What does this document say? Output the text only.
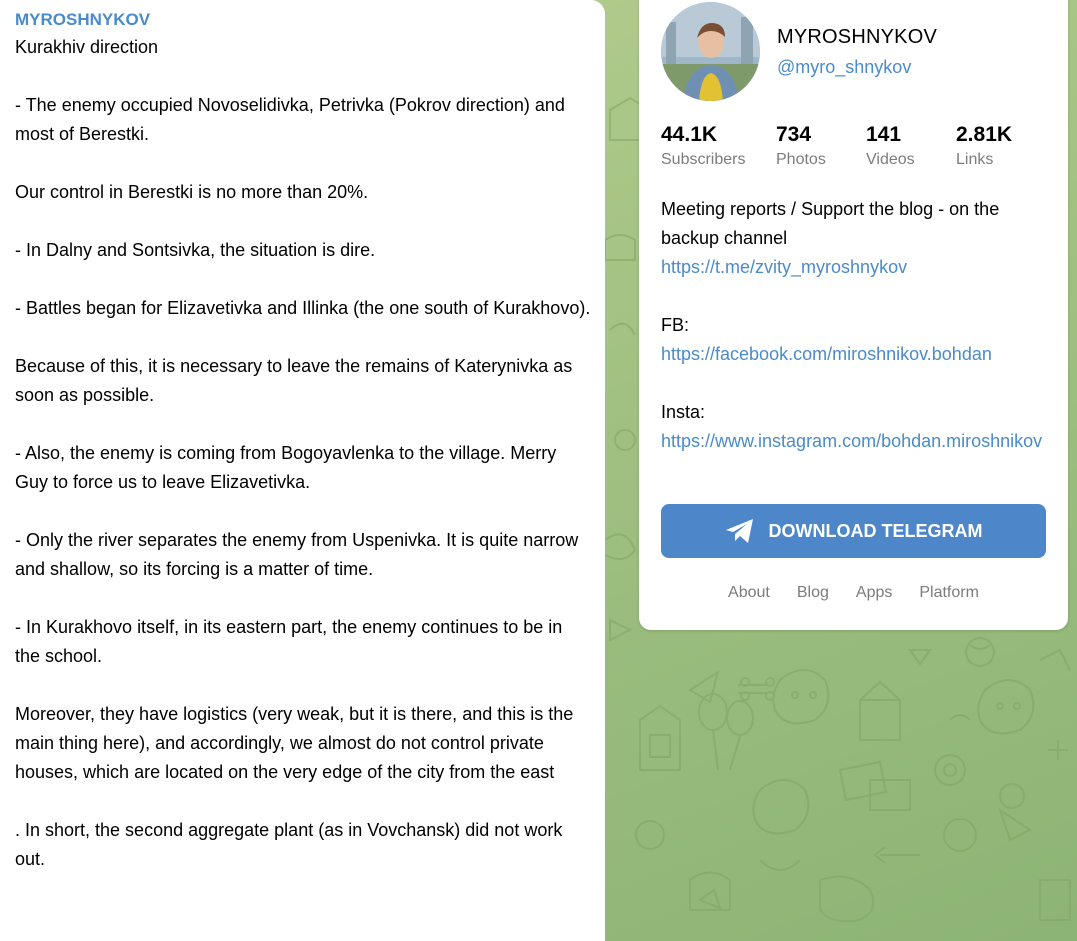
MYROSHNYKOV

Kurakhiv direction

- The enemy occupied Novoselidivka, Petrivka (Pokrov direction) and most of Berestki.

Our control in Berestki is no more than 20%.

- In Dalny and Sontsivka, the situation is dire.

- Battles began for Elizavetivka and Illinka (the one south of Kurakhovo).

Because of this, it is necessary to leave the remains of Katerynivka as soon as possible.

- Also, the enemy is coming from Bogoyavlenka to the village. Merry Guy to force us to leave Elizavetivka.

- Only the river separates the enemy from Uspenivka. It is quite narrow and shallow, so its forcing is a matter of time.

- In Kurakhovo itself, in its eastern part, the enemy continues to be in the school.

Moreover, they have logistics (very weak, but it is there, and this is the main thing here), and accordingly, we almost do not control private houses, which are located on the very edge of the city from the east

. In short, the second aggregate plant (as in Vovchansk) did not work out.

MYROSHNYKOV
@myro_shnykov
44.1K
Subscribers
734
Photos
141
Videos
2.81K
Links
Meeting reports / Support the blog - on the backup channel
https://t.me/zvity_myroshnykov
FB:
https://facebook.com/miroshnikov.bohdan
Insta:
https://www.instagram.com/bohdan.miroshnikov
DOWNLOAD TELEGRAM
About Blog Apps Platform
